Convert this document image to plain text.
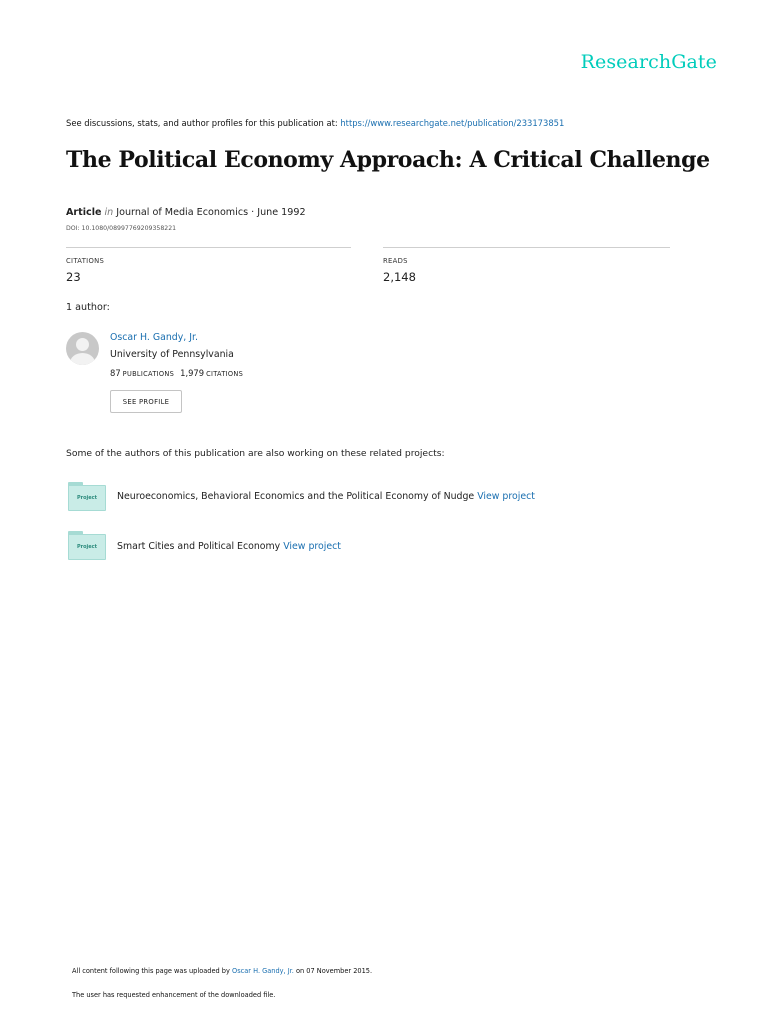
ResearchGate
See discussions, stats, and author profiles for this publication at: https://www.researchgate.net/publication/233173851
The Political Economy Approach: A Critical Challenge
Article in Journal of Media Economics · June 1992
DOI: 10.1080/08997769209358221
CITATIONS
23
READS
2,148
1 author:
Oscar H. Gandy, Jr.
University of Pennsylvania
87 PUBLICATIONS 1,979 CITATIONS
SEE PROFILE
Some of the authors of this publication are also working on these related projects:
Project Neuroeconomics, Behavioral Economics and the Political Economy of Nudge View project
Project Smart Cities and Political Economy View project
All content following this page was uploaded by Oscar H. Gandy, Jr. on 07 November 2015.
The user has requested enhancement of the downloaded file.
